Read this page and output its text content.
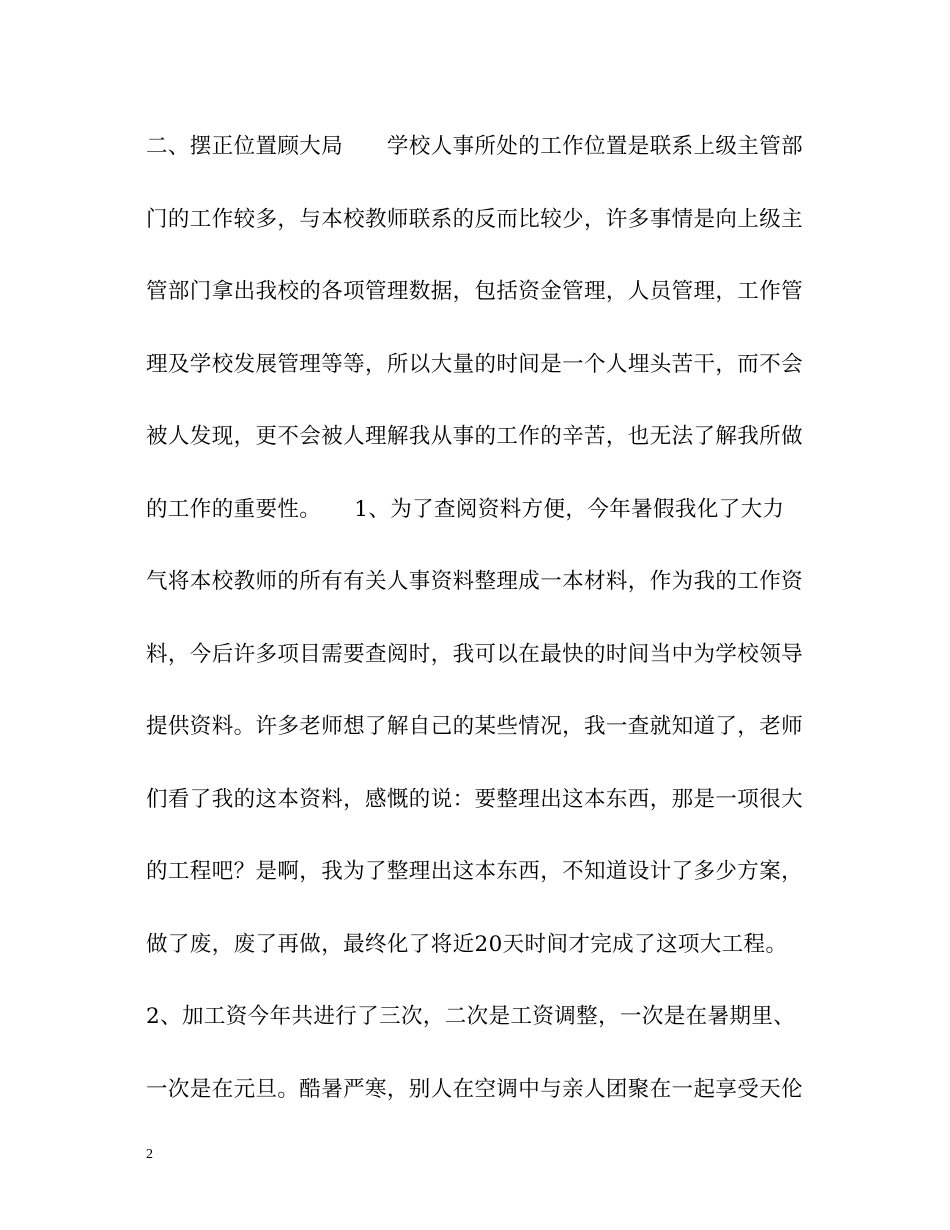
二、摆正位置顾大局　　学校人事所处的工作位置是联系上级主管部
门的工作较多，与本校教师联系的反而比较少，许多事情是向上级主
管部门拿出我校的各项管理数据，包括资金管理，人员管理，工作管
理及学校发展管理等等，所以大量的时间是一个人埋头苦干，而不会
被人发现，更不会被人理解我从事的工作的辛苦，也无法了解我所做
的工作的重要性。　　1、为了查阅资料方便，今年暑假我化了大力
气将本校教师的所有有关人事资料整理成一本材料，作为我的工作资
料，今后许多项目需要查阅时，我可以在最快的时间当中为学校领导
提供资料。许多老师想了解自己的某些情况，我一查就知道了，老师
们看了我的这本资料，感慨的说：要整理出这本东西，那是一项很大
的工程吧？是啊，我为了整理出这本东西，不知道设计了多少方案，
做了废，废了再做，最终化了将近20天时间才完成了这项大工程。
2、加工资今年共进行了三次，二次是工资调整，一次是在暑期里、
一次是在元旦。酷暑严寒，别人在空调中与亲人团聚在一起享受天伦
2
